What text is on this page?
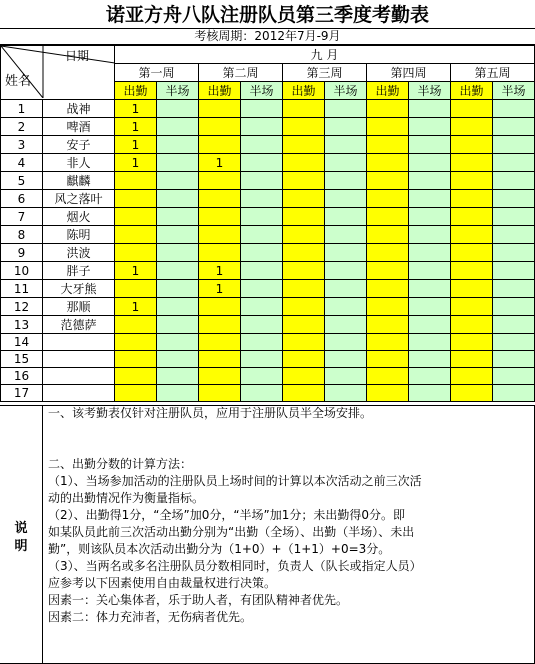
诺亚方舟八队注册队员第三季度考勤表
考核周期：2012年7月-9月
姓名
日期		九 月									
		第一周		第二周		第三周		第四周		第五周	
		出勤	半场	出勤	半场	出勤	半场	出勤	半场	出勤	半场
1	战神	1									
2	啤酒	1									
3	安子	1									
4	非人	1		1							
5	麒麟										
6	风之落叶										
7	烟火										
8	陈明										
9	洪波										
10	胖子	1		1							
11	大牙熊			1							
12	那顺	1									
13	范德萨										
14											
15											
16											
17											
说
明
一、该考勤表仅针对注册队员，应用于注册队员半全场安排。
二、出勤分数的计算方法：
（1）、当场参加活动的注册队员上场时间的计算以本次活动之前三次活
动的出勤情况作为衡量指标。
（2）、出勤得1分，“全场”加0分，“半场”加1分；未出勤得0分。即
如某队员此前三次活动出勤分别为“出勤（全场）、出勤（半场）、未出
勤”，则该队员本次活动出勤分为（1+0）+（1+1）+0=3分。
（3）、当两名或多名注册队员分数相同时，负责人（队长或指定人员）
应参考以下因素使用自由裁量权进行决策。
因素一：关心集体者，乐于助人者，有团队精神者优先。
因素二：体力充沛者，无伤病者优先。
